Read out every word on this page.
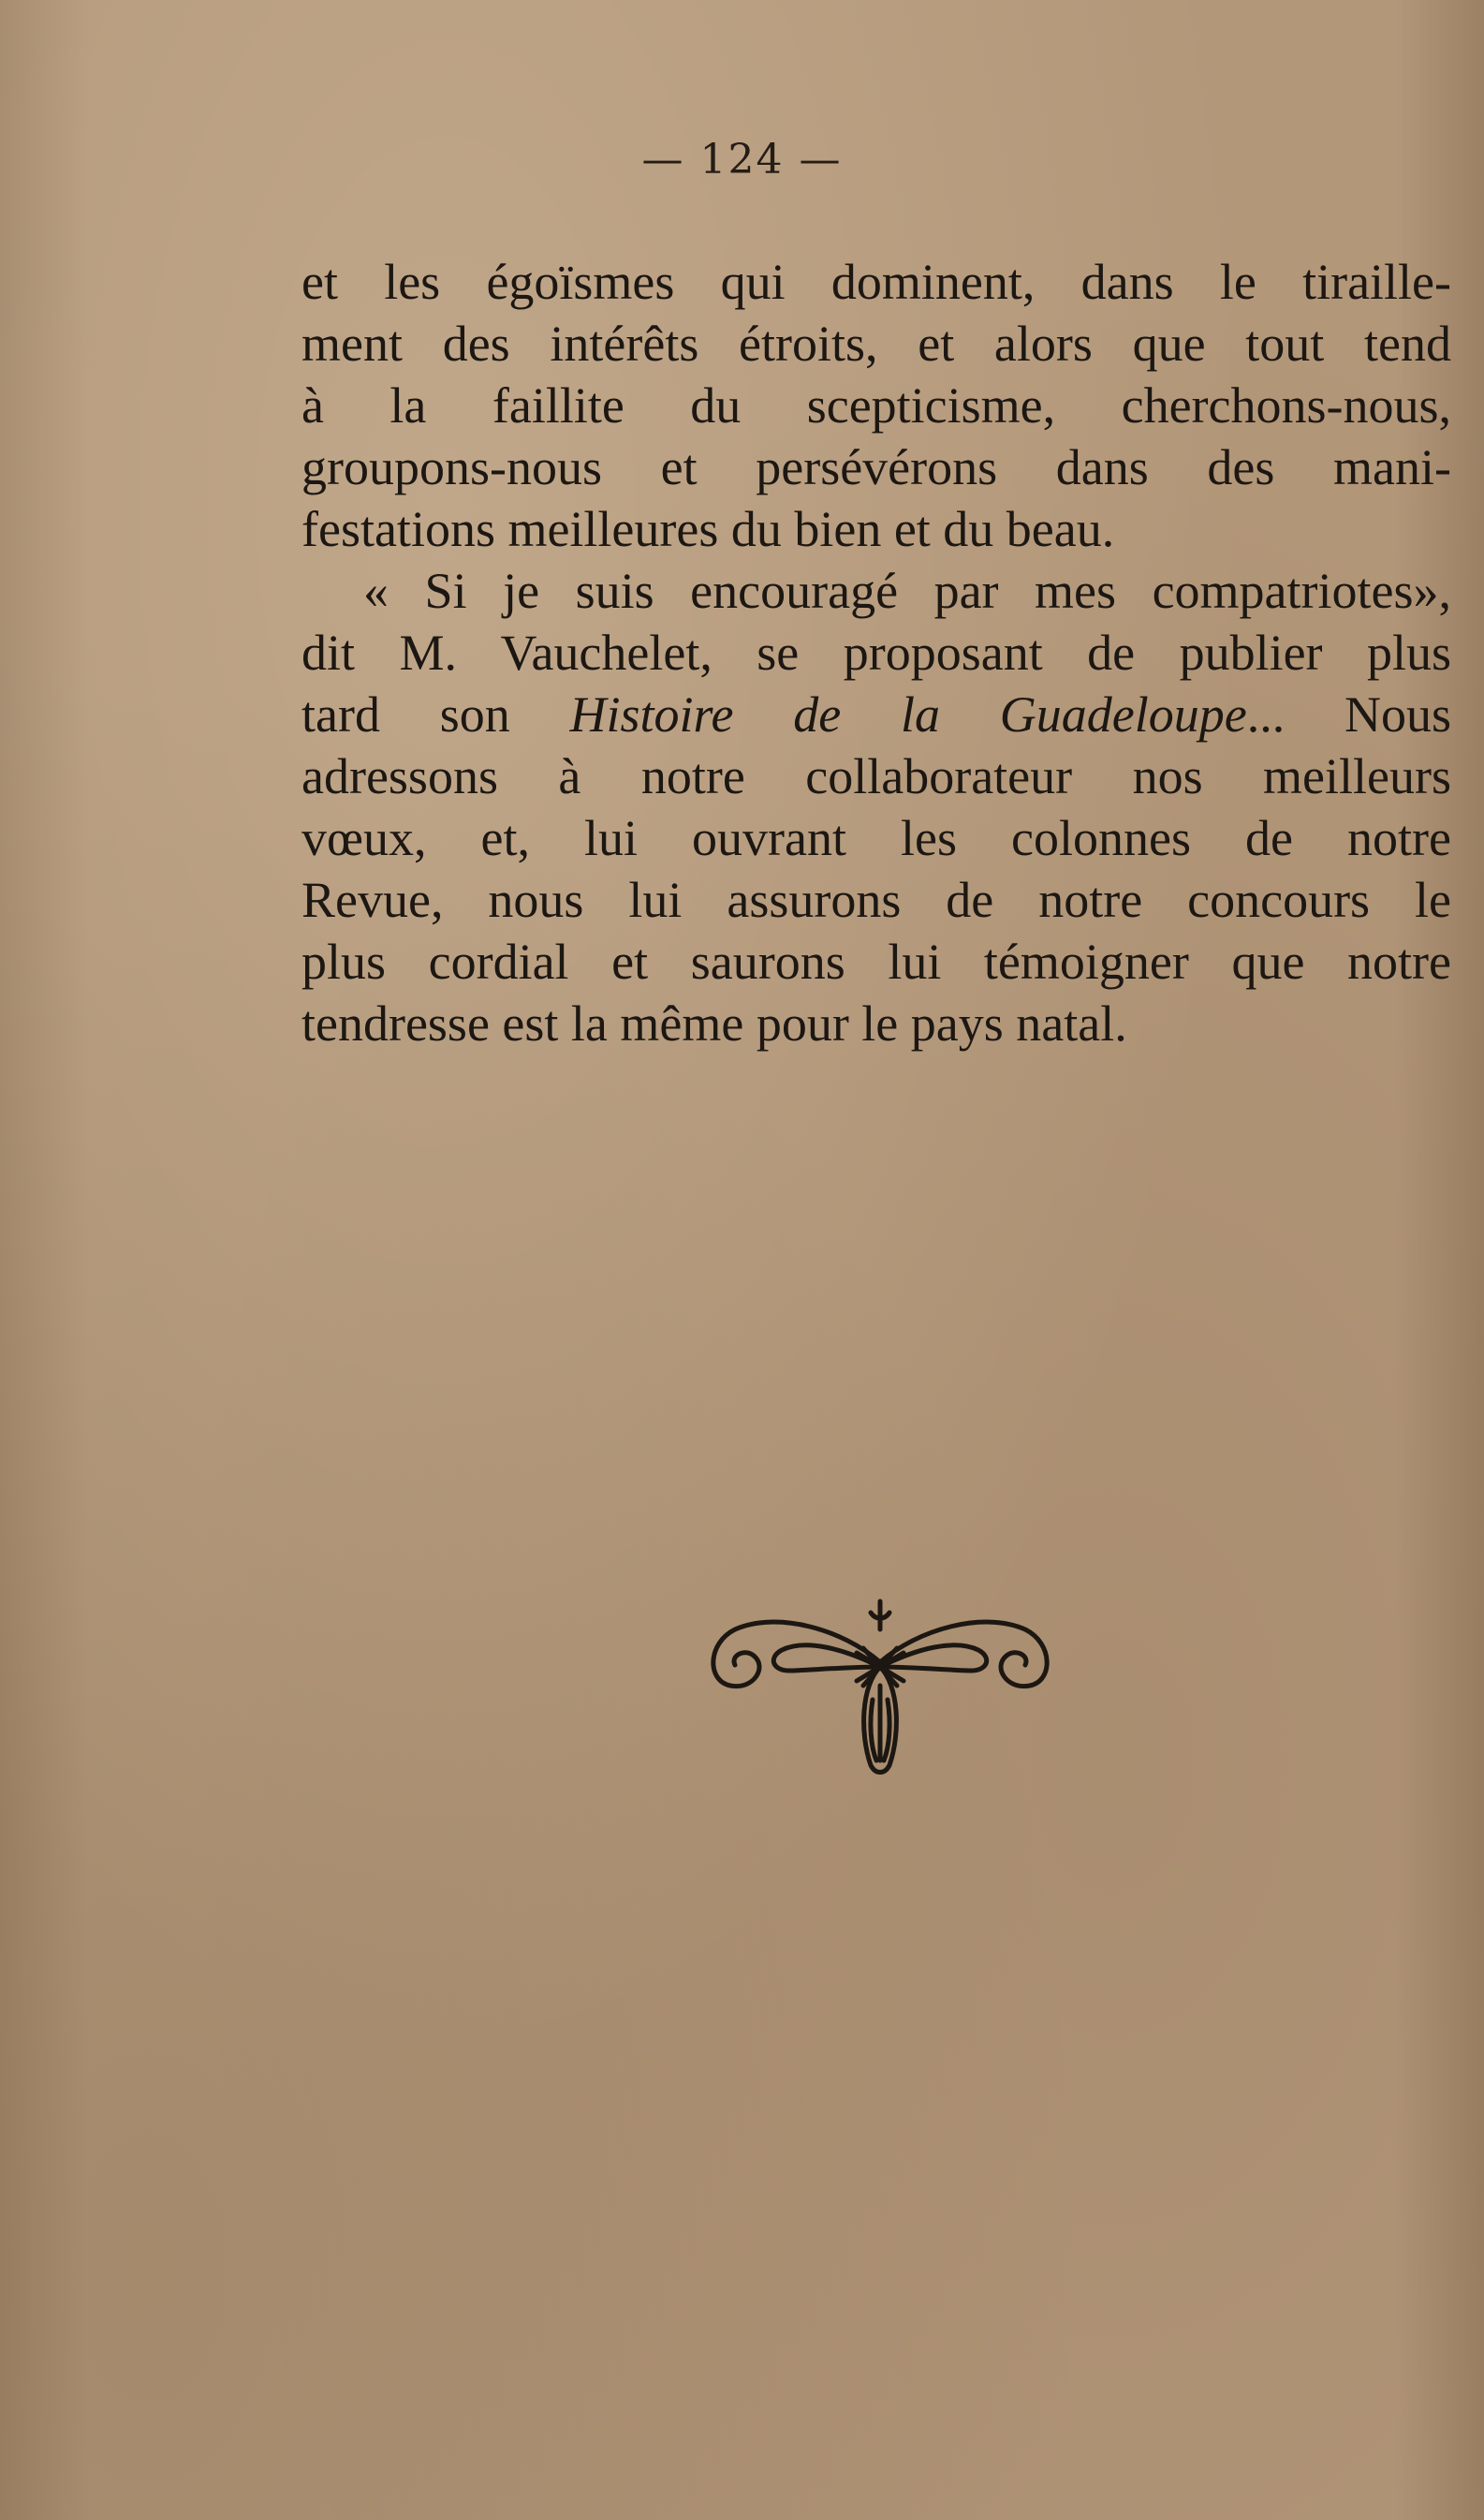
— 124 —
et les égoïsmes qui dominent, dans le tiraille-
ment des intérêts étroits, et alors que tout tend
à la faillite du scepticisme, cherchons-nous,
groupons-nous et persévérons dans des mani-
festations meilleures du bien et du beau.
« Si je suis encouragé par mes compatriotes»,
dit M. Vauchelet, se proposant de publier plus
tard son Histoire de la Guadeloupe... Nous
adressons à notre collaborateur nos meilleurs
vœux, et, lui ouvrant les colonnes de notre
Revue, nous lui assurons de notre concours le
plus cordial et saurons lui témoigner que notre
tendresse est la même pour le pays natal.
